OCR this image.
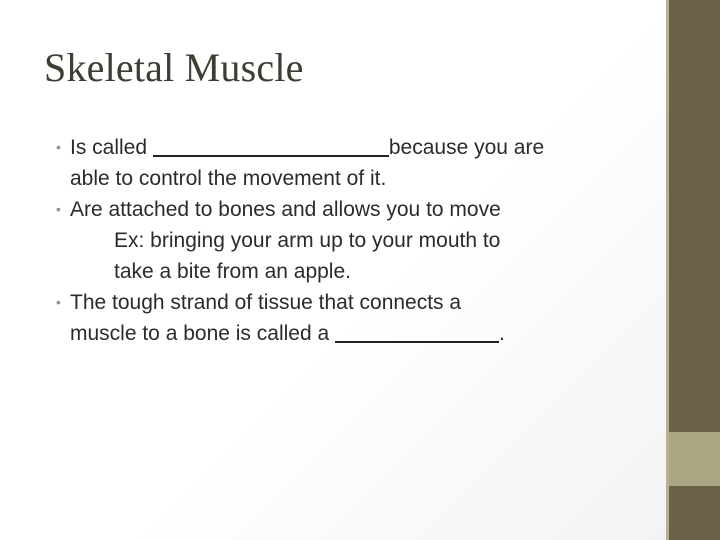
Skeletal Muscle
• Is called	because you are
able to control the movement of it.
• Are attached to bones and allows you to move
Ex: bringing your arm up to your mouth to
take a bite from an apple.
• The tough strand of tissue that connects a
muscle to a bone is called a	.
